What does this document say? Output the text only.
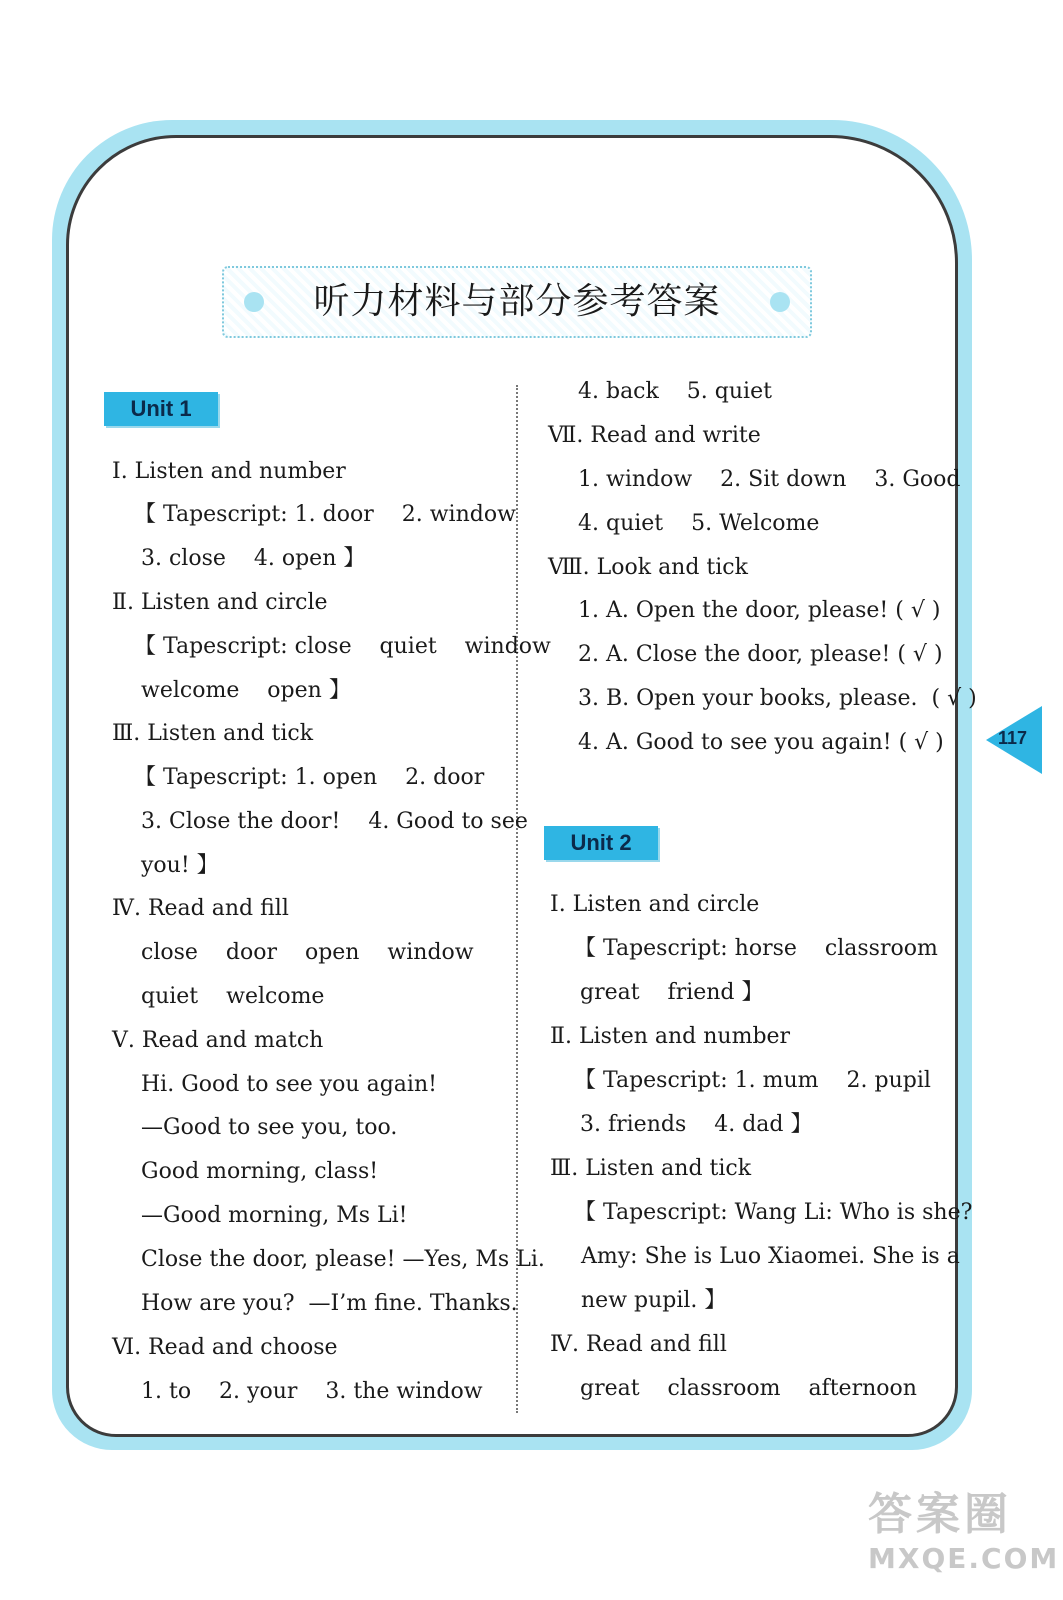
听力材料与部分参考答案
Unit 1
Ⅰ. Listen and number
【 Tapescript: 1. door    2. window
3. close    4. open 】
Ⅱ. Listen and circle
【 Tapescript: close    quiet    window
welcome    open 】
Ⅲ. Listen and tick
【 Tapescript: 1. open    2. door
3. Close the door!    4. Good to see
you! 】
Ⅳ. Read and fill
close    door    open    window
quiet    welcome
Ⅴ. Read and match
Hi. Good to see you again!
—Good to see you, too.
Good morning, class!
—Good morning, Ms Li!
Close the door, please! —Yes, Ms Li.
How are you?  —I’m fine. Thanks.
Ⅵ. Read and choose
1. to    2. your    3. the window
4. back    5. quiet
Ⅶ. Read and write
1. window    2. Sit down    3. Good
4. quiet    5. Welcome
Ⅷ. Look and tick
1. A. Open the door, please! ( √ )
2. A. Close the door, please! ( √ )
3. B. Open your books, please.  ( √ )
4. A. Good to see you again! ( √ )
Unit 2
Ⅰ. Listen and circle
【 Tapescript: horse    classroom
great    friend 】
Ⅱ. Listen and number
【 Tapescript: 1. mum    2. pupil
3. friends    4. dad 】
Ⅲ. Listen and tick
【 Tapescript: Wang Li: Who is she?
Amy: She is Luo Xiaomei. She is a
new pupil. 】
Ⅳ. Read and fill
great    classroom    afternoon
117
答案圈
MXQE.COM
